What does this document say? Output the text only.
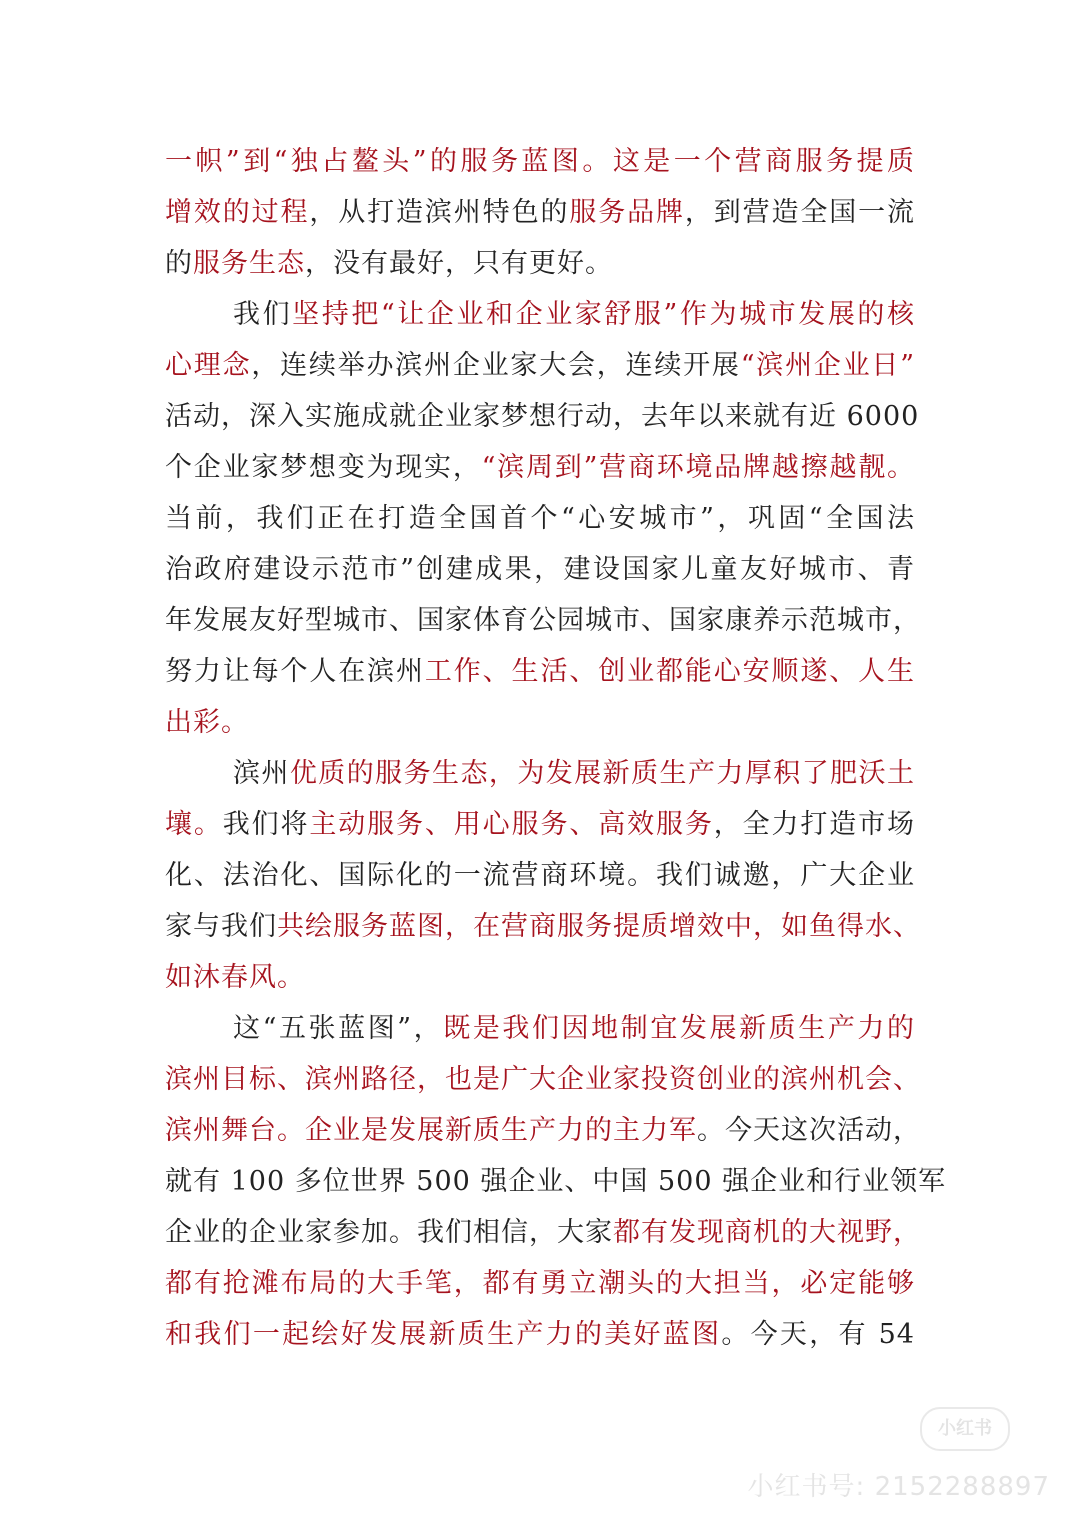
一帜”到“独占鳌头”的服务蓝图。这是一个营商服务提质
增效的过程，从打造滨州特色的服务品牌，到营造全国一流
的服务生态，没有最好，只有更好。
我们坚持把“让企业和企业家舒服”作为城市发展的核
心理念，连续举办滨州企业家大会，连续开展“滨州企业日”
活动，深入实施成就企业家梦想行动，去年以来就有近 6000
个企业家梦想变为现实，“滨周到”营商环境品牌越擦越靓。
当前，我们正在打造全国首个“心安城市”，巩固“全国法
治政府建设示范市”创建成果，建设国家儿童友好城市、青
年发展友好型城市、国家体育公园城市、国家康养示范城市，
努力让每个人在滨州工作、生活、创业都能心安顺遂、人生
出彩。
滨州优质的服务生态，为发展新质生产力厚积了肥沃土
壤。我们将主动服务、用心服务、高效服务，全力打造市场
化、法治化、国际化的一流营商环境。我们诚邀，广大企业
家与我们共绘服务蓝图，在营商服务提质增效中，如鱼得水、
如沐春风。
这“五张蓝图”，既是我们因地制宜发展新质生产力的
滨州目标、滨州路径，也是广大企业家投资创业的滨州机会、
滨州舞台。企业是发展新质生产力的主力军。今天这次活动，
就有 100 多位世界 500 强企业、中国 500 强企业和行业领军
企业的企业家参加。我们相信，大家都有发现商机的大视野，
都有抢滩布局的大手笔，都有勇立潮头的大担当，必定能够
和我们一起绘好发展新质生产力的美好蓝图。今天，有 54
小红书
小红书号: 2152288897
